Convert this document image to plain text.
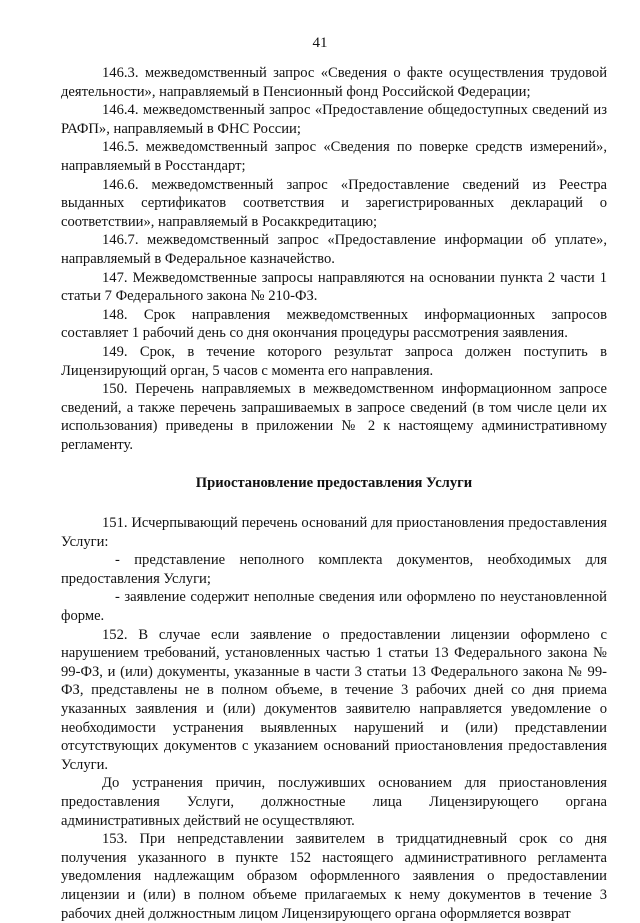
41

146.3. межведомственный запрос «Сведения о факте осуществления трудовой деятельности», направляемый в Пенсионный фонд Российской Федерации;

146.4. межведомственный запрос «Предоставление общедоступных сведений из РАФП», направляемый в ФНС России;

146.5. межведомственный запрос «Сведения по поверке средств измерений», направляемый в Росстандарт;

146.6. межведомственный запрос «Предоставление сведений из Реестра выданных сертификатов соответствия и зарегистрированных деклараций о соответствии», направляемый в Росаккредитацию;

146.7. межведомственный запрос «Предоставление информации об уплате», направляемый в Федеральное казначейство.

147. Межведомственные запросы направляются на основании пункта 2 части 1 статьи 7 Федерального закона № 210-ФЗ.

148. Срок направления межведомственных информационных запросов составляет 1 рабочий день со дня окончания процедуры рассмотрения заявления.

149. Срок, в течение которого результат запроса должен поступить в Лицензирующий орган, 5 часов с момента его направления.

150. Перечень направляемых в межведомственном информационном запросе сведений, а также перечень запрашиваемых в запросе сведений (в том числе цели их использования) приведены в приложении № 2 к настоящему административному регламенту.

Приостановление предоставления Услуги

151. Исчерпывающий перечень оснований для приостановления предоставления Услуги:

- представление неполного комплекта документов, необходимых для предоставления Услуги;

- заявление содержит неполные сведения или оформлено по неустановленной форме.

152. В случае если заявление о предоставлении лицензии оформлено с нарушением требований, установленных частью 1 статьи 13 Федерального закона № 99-ФЗ, и (или) документы, указанные в части 3 статьи 13 Федерального закона № 99-ФЗ, представлены не в полном объеме, в течение 3 рабочих дней со дня приема указанных заявления и (или) документов заявителю направляется уведомление о необходимости устранения выявленных нарушений и (или) представлении отсутствующих документов с указанием оснований приостановления предоставления Услуги.

До устранения причин, послуживших основанием для приостановления предоставления Услуги, должностные лица Лицензирующего органа административных действий не осуществляют.

153. При непредставлении заявителем в тридцатидневный срок со дня получения указанного в пункте 152 настоящего административного регламента уведомления надлежащим образом оформленного заявления о предоставлении лицензии и (или) в полном объеме прилагаемых к нему документов в течение 3 рабочих дней должностным лицом Лицензирующего органа оформляется возврат
